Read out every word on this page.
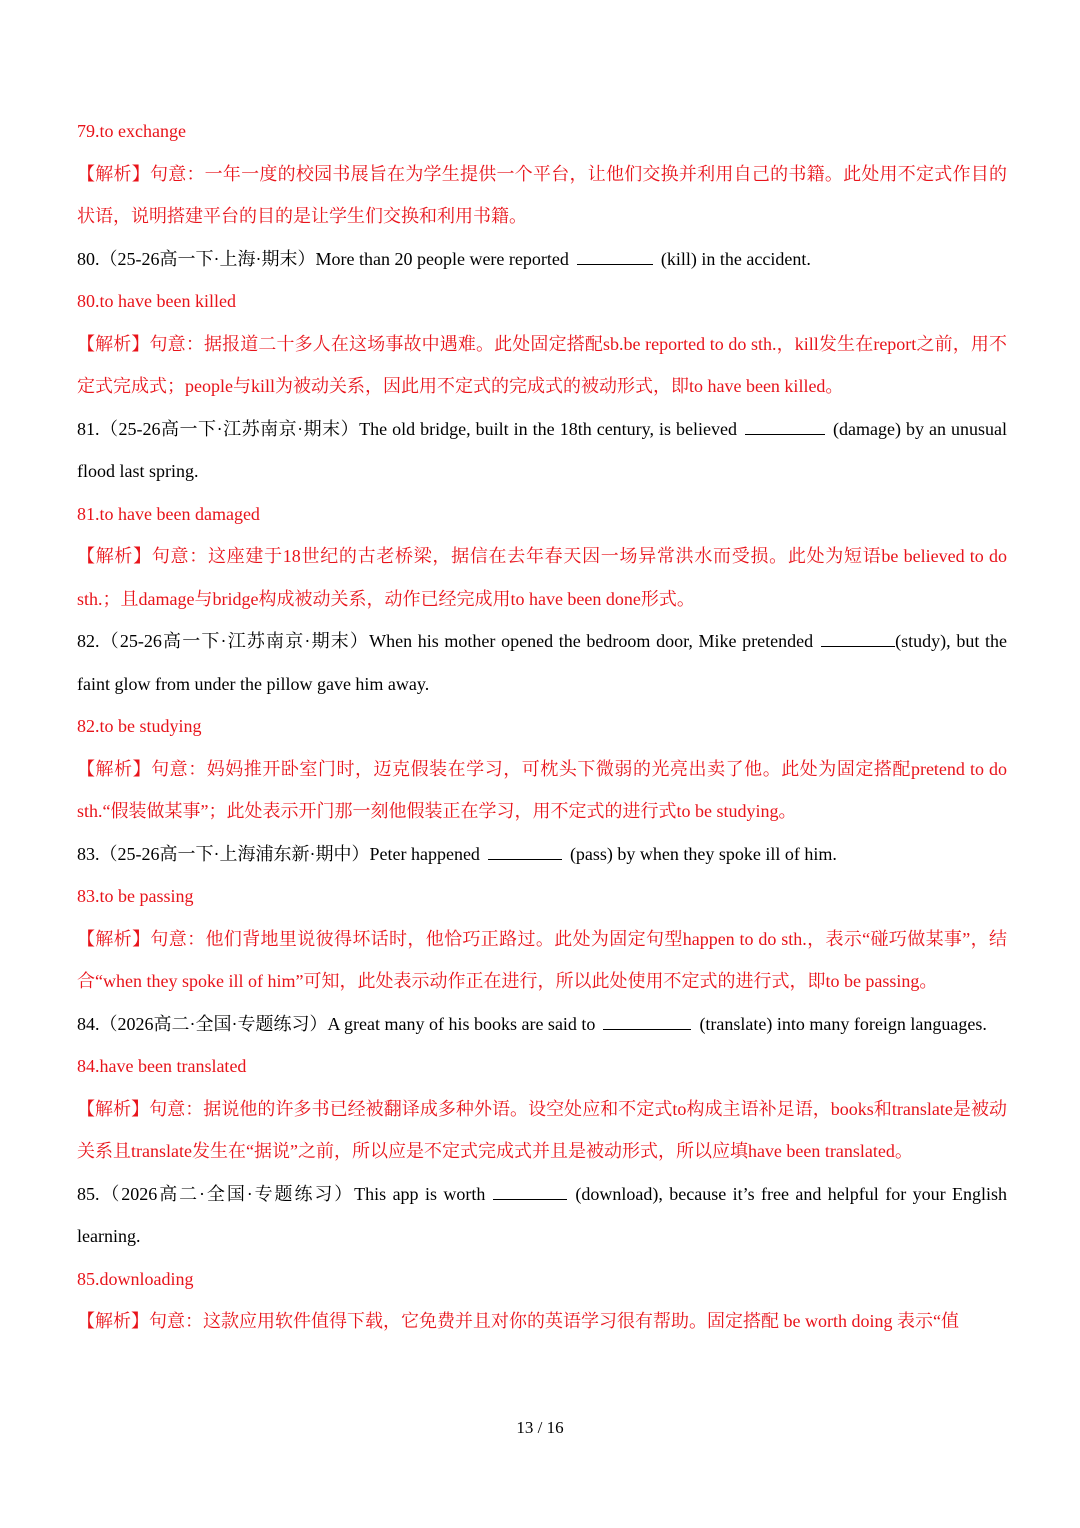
79.to exchange

【解析】句意：一年一度的校园书展旨在为学生提供一个平台，让他们交换并利用自己的书籍。此处用不定式作目的状语，说明搭建平台的目的是让学生们交换和利用书籍。

80.（25-26高一下·上海·期末）More than 20 people were reported	(kill) in the accident.

80.to have been killed

【解析】句意：据报道二十多人在这场事故中遇难。此处固定搭配sb.be reported to do sth.，kill发生在report之前，用不定式完成式；people与kill为被动关系，因此用不定式的完成式的被动形式，即to have been killed。

81.（25-26高一下·江苏南京·期末）The old bridge, built in the 18th century, is believed	(damage) by an unusual flood last spring.

81.to have been damaged

【解析】句意：这座建于18世纪的古老桥梁，据信在去年春天因一场异常洪水而受损。此处为短语be believed to do sth.；且damage与bridge构成被动关系，动作已经完成用to have been done形式。

82.（25-26高一下·江苏南京·期末）When his mother opened the bedroom door, Mike pretended	(study), but the faint glow from under the pillow gave him away.

82.to be studying

【解析】句意：妈妈推开卧室门时，迈克假装在学习，可枕头下微弱的光亮出卖了他。此处为固定搭配pretend to do sth.“假装做某事”；此处表示开门那一刻他假装正在学习，用不定式的进行式to be studying。

83.（25-26高一下·上海浦东新·期中）Peter happened	(pass) by when they spoke ill of him.

83.to be passing

【解析】句意：他们背地里说彼得坏话时，他恰巧正路过。此处为固定句型happen to do sth.，表示“碰巧做某事”，结合“when they spoke ill of him”可知，此处表示动作正在进行，所以此处使用不定式的进行式，即to be passing。

84.（2026高二·全国·专题练习）A great many of his books are said to	(translate) into many foreign languages.

84.have been translated

【解析】句意：据说他的许多书已经被翻译成多种外语。设空处应和不定式to构成主语补足语，books和translate是被动关系且translate发生在“据说”之前，所以应是不定式完成式并且是被动形式，所以应填have been translated。

85.（2026高二·全国·专题练习）This app is worth	(download), because it’s free and helpful for your English learning.

85.downloading

【解析】句意：这款应用软件值得下载，它免费并且对你的英语学习很有帮助。固定搭配 be worth doing 表示“值

13 / 16
